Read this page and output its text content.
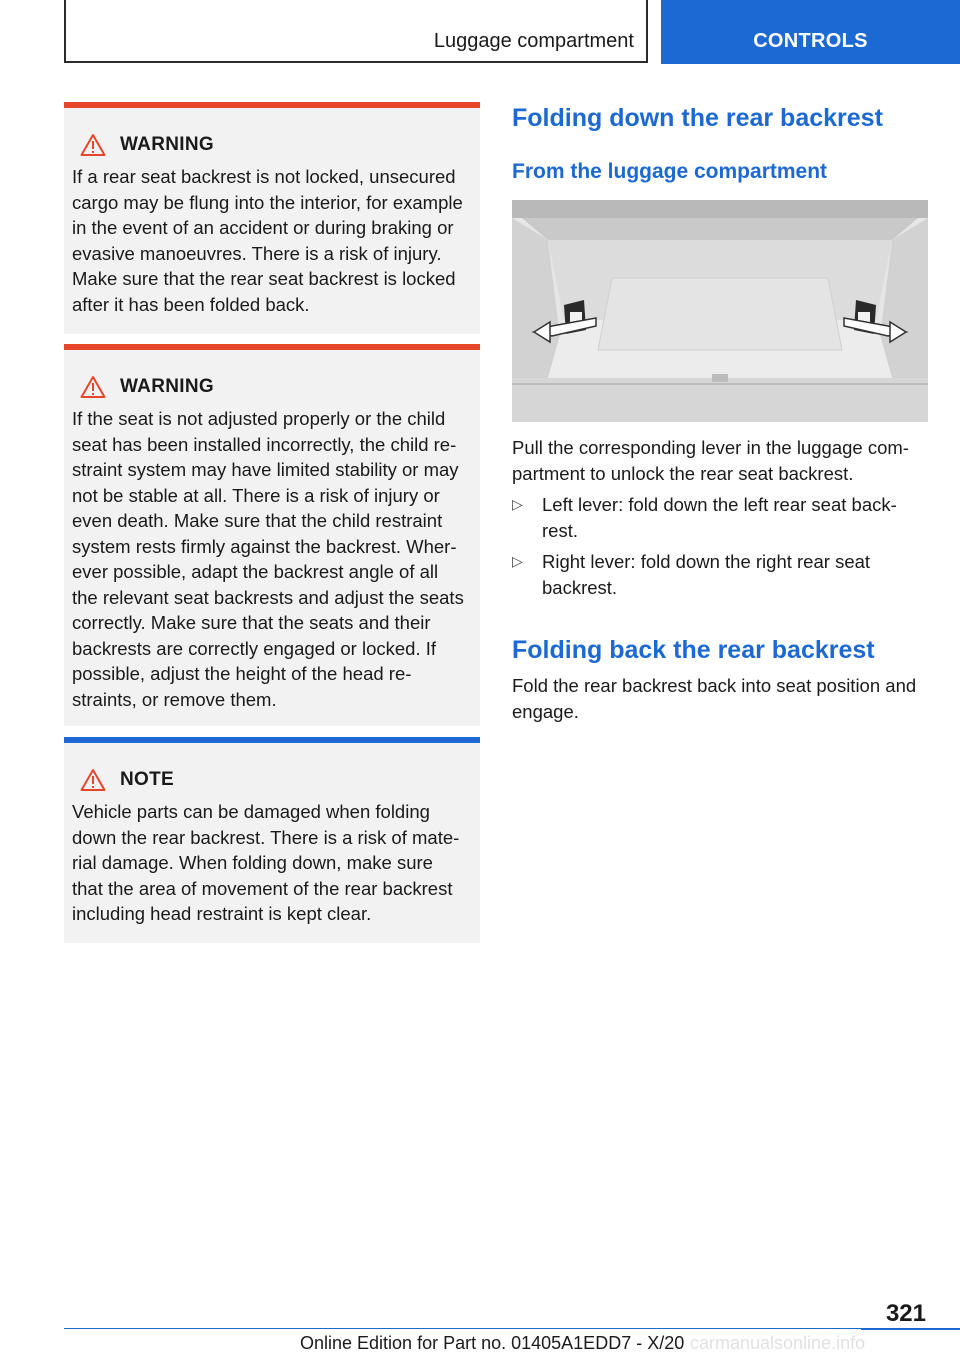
Luggage compartment	CONTROLS
WARNING
If a rear seat backrest is not locked, unsecured
cargo may be flung into the interior, for example
in the event of an accident or during braking or
evasive manoeuvres. There is a risk of injury.
Make sure that the rear seat backrest is locked
after it has been folded back.
WARNING
If the seat is not adjusted properly or the child
seat has been installed incorrectly, the child re-
straint system may have limited stability or may
not be stable at all. There is a risk of injury or
even death. Make sure that the child restraint
system rests firmly against the backrest. Wher-
ever possible, adapt the backrest angle of all
the relevant seat backrests and adjust the seats
correctly. Make sure that the seats and their
backrests are correctly engaged or locked. If
possible, adjust the height of the head re-
straints, or remove them.
NOTE
Vehicle parts can be damaged when folding
down the rear backrest. There is a risk of mate-
rial damage. When folding down, make sure
that the area of movement of the rear backrest
including head restraint is kept clear.
Folding down the rear backrest
From the luggage compartment
Pull the corresponding lever in the luggage com-
partment to unlock the rear seat backrest.
▷ Left lever: fold down the left rear seat back-
rest.
▷ Right lever: fold down the right rear seat
backrest.
Folding back the rear backrest
Fold the rear backrest back into seat position and
engage.
321
Online Edition for Part no. 01405A1EDD7 - X/20 carmanualsonline.info
